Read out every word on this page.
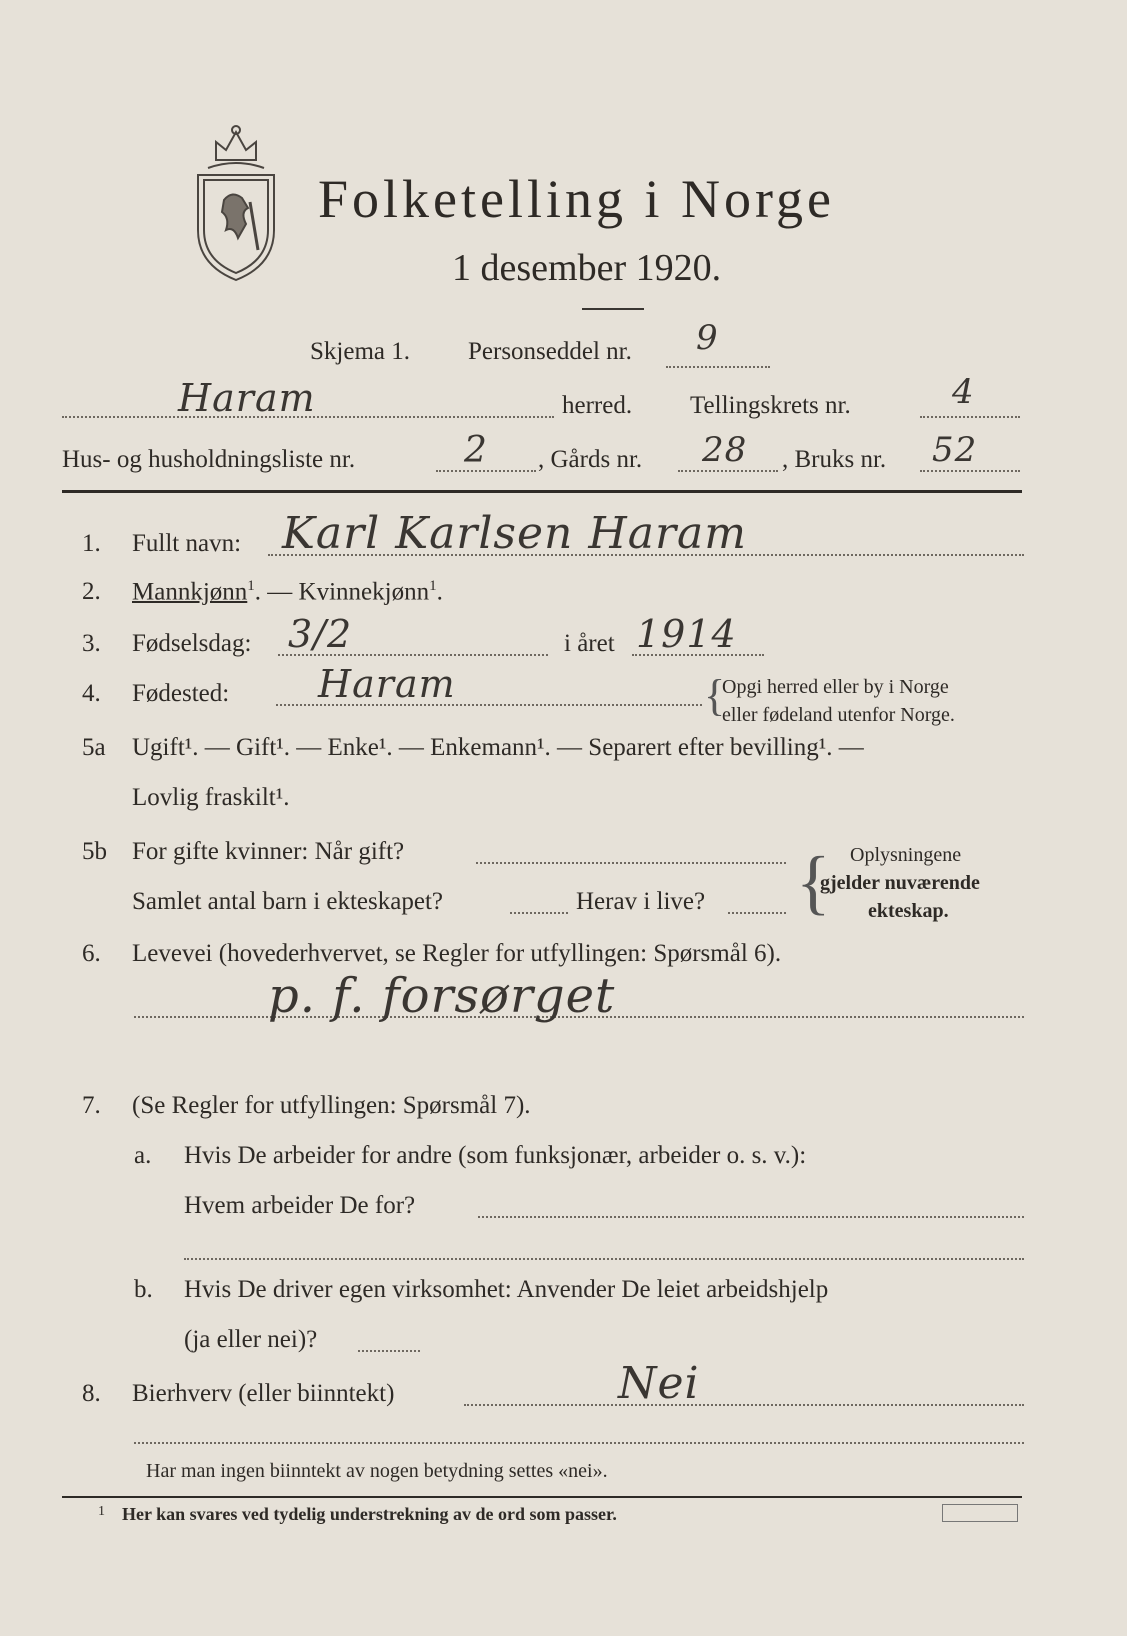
Folketelling i Norge
1 desember 1920.
Skjema 1. Personseddel nr. 9
Haram	herred. Tellingskrets nr.	4
Hus- og husholdningsliste nr.	2 , Gårds nr. 28 , Bruks nr. 52
1. Fullt navn: Karl Karlsen Haram
2. Mannkjønn$^1$. — Kvinnekjønn$^1$.
3. Fødselsdag: 3/2	i året 1914
4. Fødested: Haram	{
Opgi herred eller by i Norge
eller fødeland utenfor Norge.
5a Ugift¹. — Gift¹. — Enke¹. — Enkemann¹. — Separert efter bevilling¹. —
Lovlig fraskilt¹.
5b For gifte kvinner: Når gift?
Samlet antal barn i ekteskapet?	Herav i live? { Oplysningene
gjelder nuværende
ekteskap.
6. Levevei (hovederhvervet, se Regler for utfyllingen: Spørsmål 6).
p. f. forsørget
7. (Se Regler for utfyllingen: Spørsmål 7).
a. Hvis De arbeider for andre (som funksjonær, arbeider o. s. v.):
Hvem arbeider De for?
b. Hvis De driver egen virksomhet: Anvender De leiet arbeidshjelp
(ja eller nei)?
8. Bierhverv (eller biinntekt)	Nei
Har man ingen biinntekt av nogen betydning settes «nei».
1 Her kan svares ved tydelig understrekning av de ord som passer.
